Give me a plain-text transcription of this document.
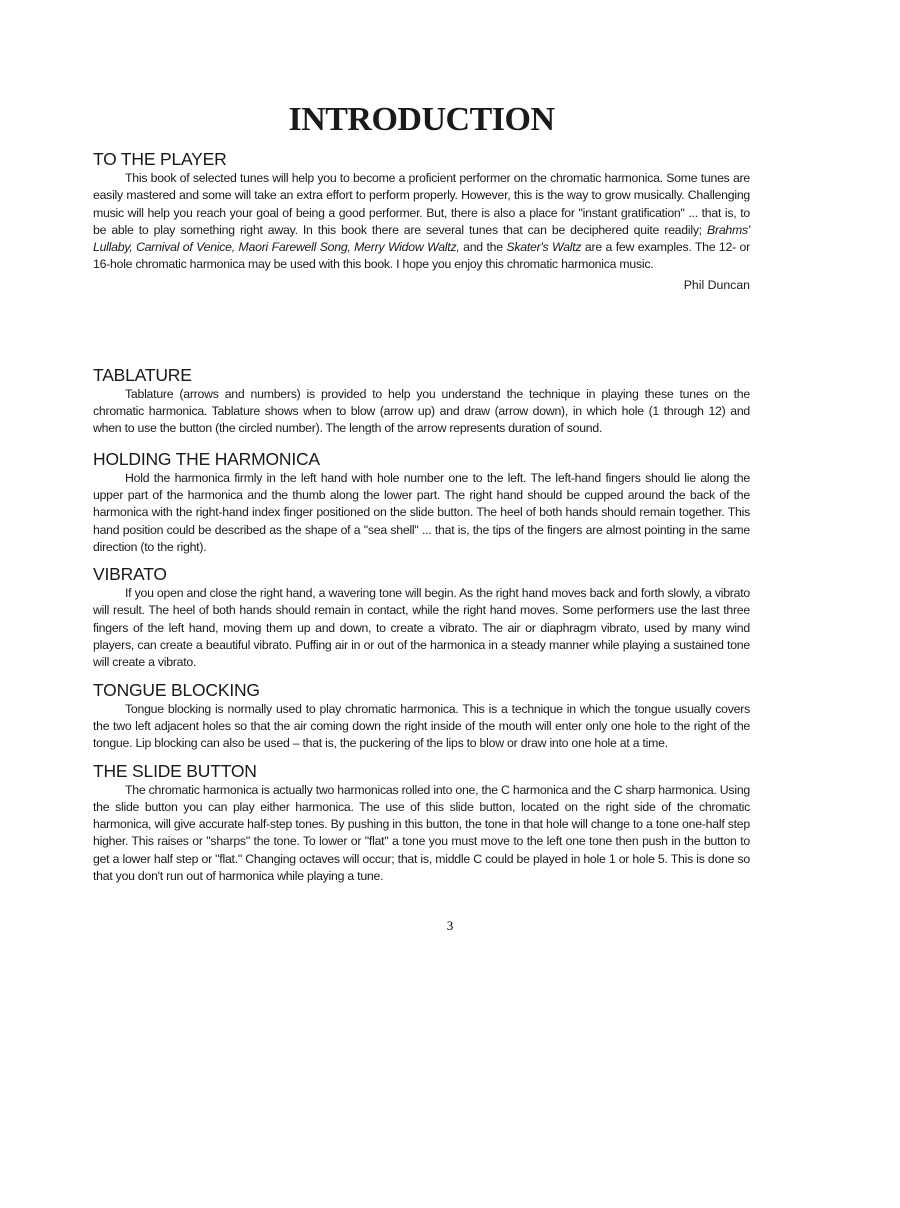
INTRODUCTION
TO THE PLAYER

This book of selected tunes will help you to become a proficient performer on the chromatic harmonica. Some tunes are easily mastered and some will take an extra effort to perform properly. However, this is the way to grow musically. Challenging music will help you reach your goal of being a good performer. But, there is also a place for "instant gratification" ... that is, to be able to play something right away. In this book there are several tunes that can be deciphered quite readily; Brahms' Lullaby, Carnival of Venice, Maori Farewell Song, Merry Widow Waltz, and the Skater's Waltz are a few examples. The 12- or 16-hole chromatic harmonica may be used with this book. I hope you enjoy this chromatic harmonica music.

Phil Duncan

TABLATURE

Tablature (arrows and numbers) is provided to help you understand the technique in playing these tunes on the chromatic harmonica. Tablature shows when to blow (arrow up) and draw (arrow down), in which hole (1 through 12) and when to use the button (the circled number). The length of the arrow represents duration of sound.

HOLDING THE HARMONICA

Hold the harmonica firmly in the left hand with hole number one to the left. The left-hand fingers should lie along the upper part of the harmonica and the thumb along the lower part. The right hand should be cupped around the back of the harmonica with the right-hand index finger positioned on the slide button. The heel of both hands should remain together. This hand position could be described as the shape of a "sea shell" ... that is, the tips of the fingers are almost pointing in the same direction (to the right).

VIBRATO

If you open and close the right hand, a wavering tone will begin. As the right hand moves back and forth slowly, a vibrato will result. The heel of both hands should remain in contact, while the right hand moves. Some performers use the last three fingers of the left hand, moving them up and down, to create a vibrato. The air or diaphragm vibrato, used by many wind players, can create a beautiful vibrato. Puffing air in or out of the harmonica in a steady manner while playing a sustained tone will create a vibrato.

TONGUE BLOCKING

Tongue blocking is normally used to play chromatic harmonica. This is a technique in which the tongue usually covers the two left adjacent holes so that the air coming down the right inside of the mouth will enter only one hole to the right of the tongue. Lip blocking can also be used – that is, the puckering of the lips to blow or draw into one hole at a time.

THE SLIDE BUTTON

The chromatic harmonica is actually two harmonicas rolled into one, the C harmonica and the C sharp harmonica. Using the slide button you can play either harmonica. The use of this slide button, located on the right side of the chromatic harmonica, will give accurate half-step tones. By pushing in this button, the tone in that hole will change to a tone one-half step higher. This raises or "sharps" the tone. To lower or "flat" a tone you must move to the left one tone then push in the button to get a lower half step or "flat." Changing octaves will occur; that is, middle C could be played in hole 1 or hole 5. This is done so that you don't run out of harmonica while playing a tune.

3
